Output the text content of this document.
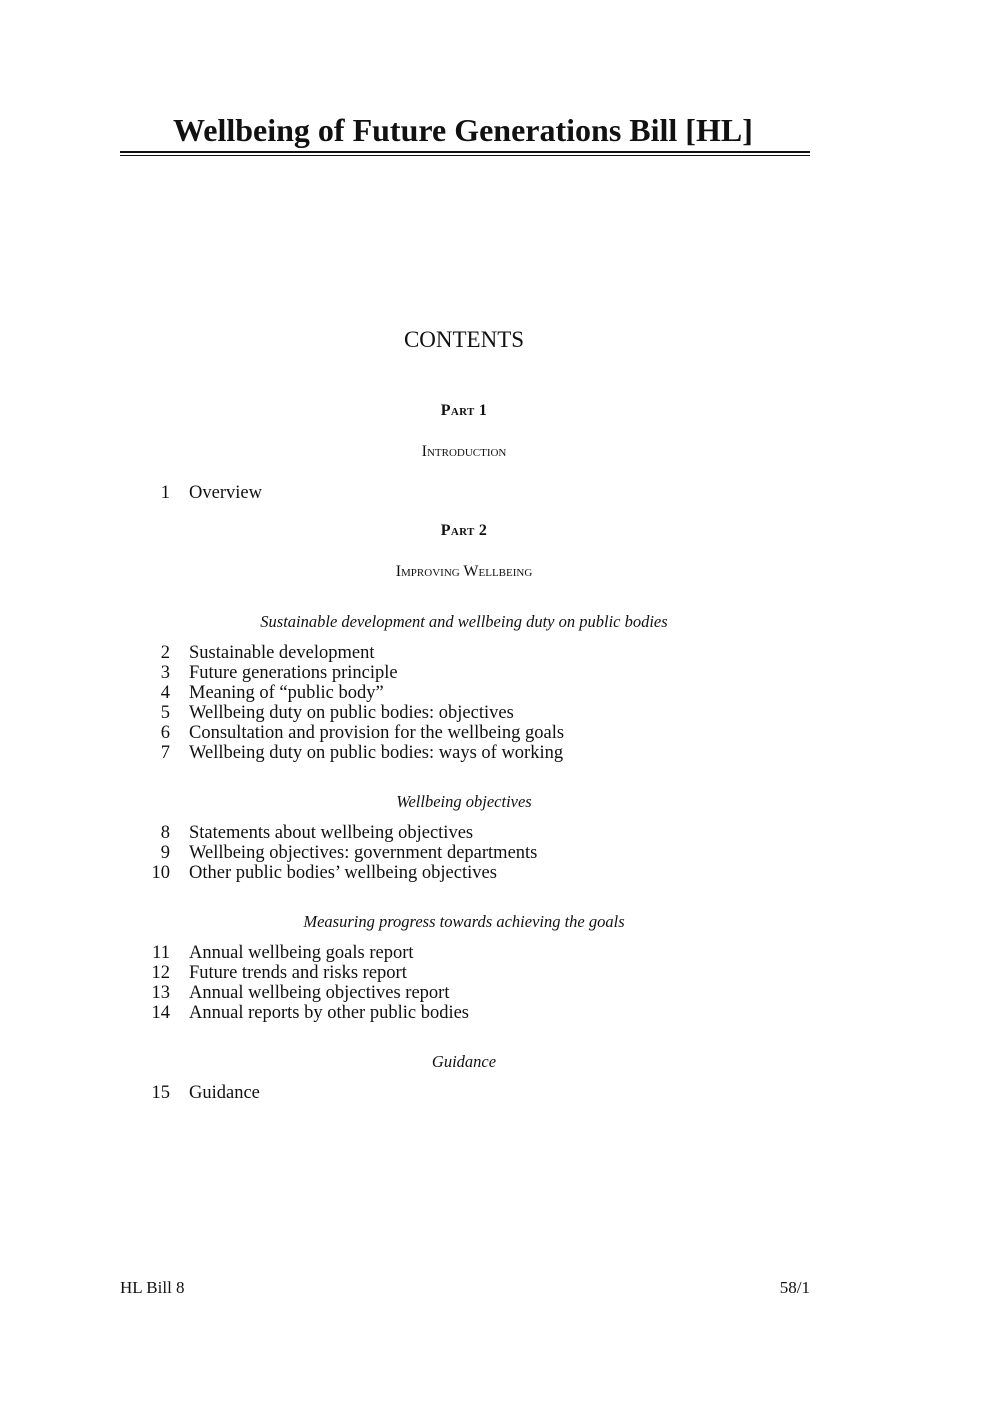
Wellbeing of Future Generations Bill [HL]
CONTENTS
Part 1
Introduction
1 Overview
Part 2
Improving Wellbeing
Sustainable development and wellbeing duty on public bodies
2 Sustainable development
3 Future generations principle
4 Meaning of “public body”
5 Wellbeing duty on public bodies: objectives
6 Consultation and provision for the wellbeing goals
7 Wellbeing duty on public bodies: ways of working
Wellbeing objectives
8 Statements about wellbeing objectives
9 Wellbeing objectives: government departments
10 Other public bodies’ wellbeing objectives
Measuring progress towards achieving the goals
11 Annual wellbeing goals report
12 Future trends and risks report
13 Annual wellbeing objectives report
14 Annual reports by other public bodies
Guidance
15 Guidance
HL Bill 8	58/1
